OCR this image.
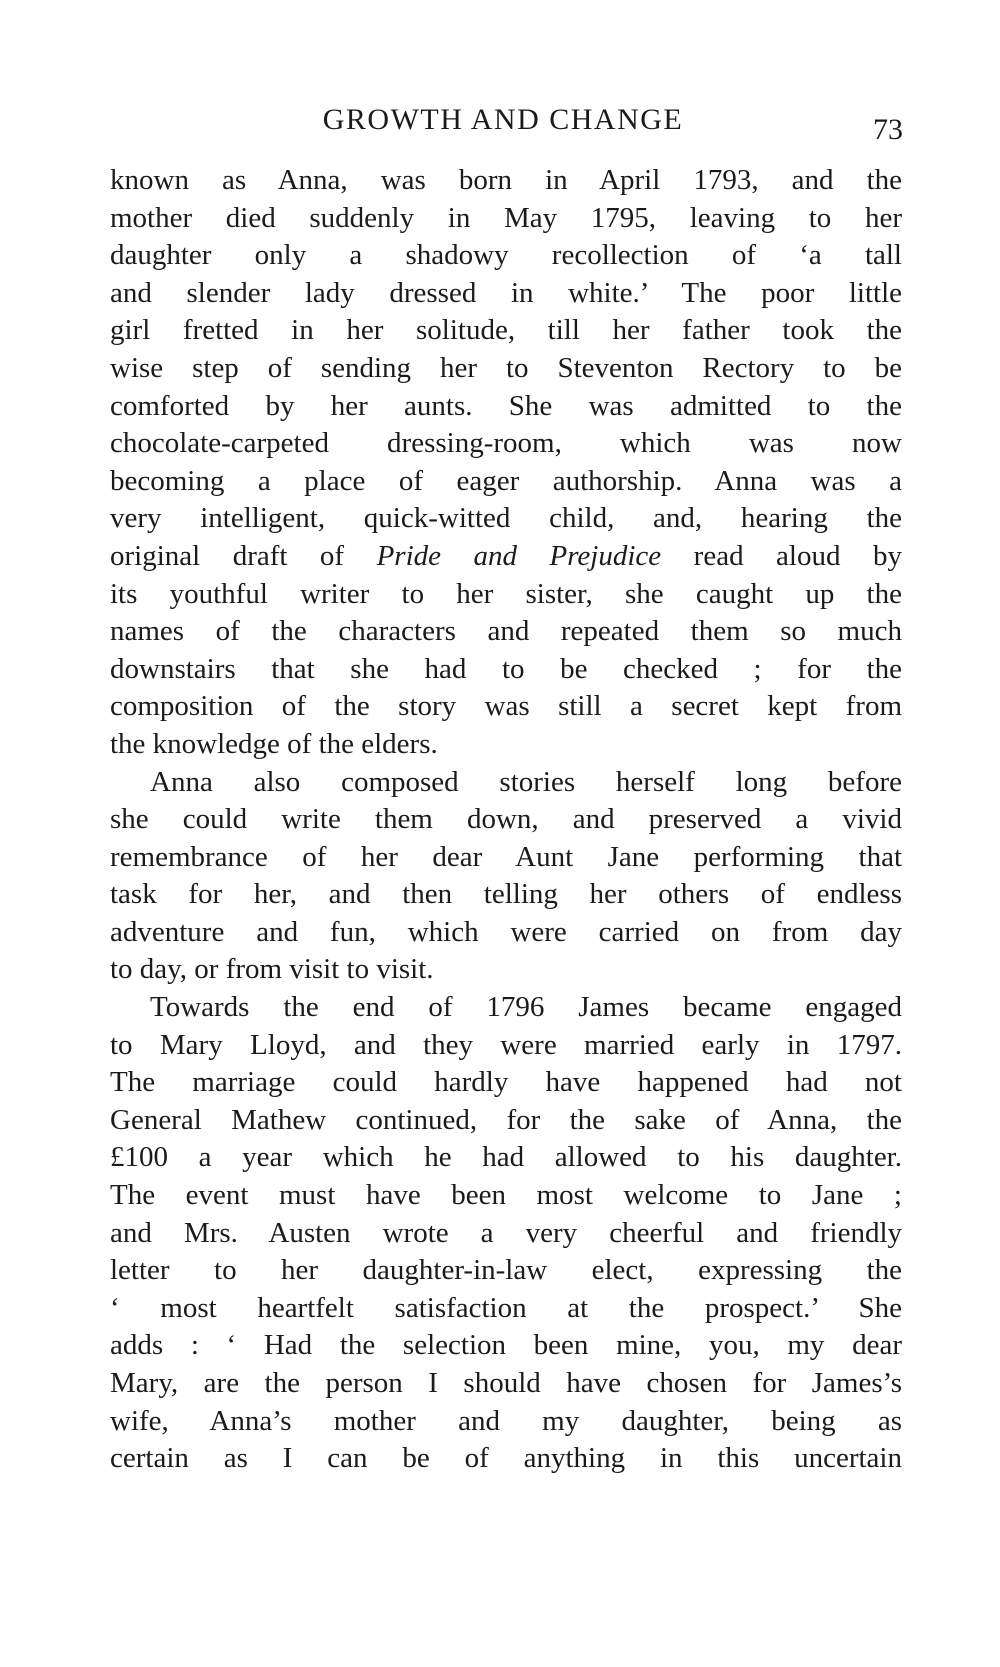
GROWTH AND CHANGE	73
known as Anna, was born in April 1793, and the
mother died suddenly in May 1795, leaving to her
daughter only a shadowy recollection of ‘a tall
and slender lady dressed in white.’ The poor little
girl fretted in her solitude, till her father took the
wise step of sending her to Steventon Rectory to be
comforted by her aunts. She was admitted to the
chocolate-carpeted dressing-room, which was now
becoming a place of eager authorship. Anna was a
very intelligent, quick-witted child, and, hearing the
original draft of Pride and Prejudice read aloud by
its youthful writer to her sister, she caught up the
names of the characters and repeated them so much
downstairs that she had to be checked ; for the
composition of the story was still a secret kept from
the knowledge of the elders.
Anna also composed stories herself long before
she could write them down, and preserved a vivid
remembrance of her dear Aunt Jane performing that
task for her, and then telling her others of endless
adventure and fun, which were carried on from day
to day, or from visit to visit.
Towards the end of 1796 James became engaged
to Mary Lloyd, and they were married early in 1797.
The marriage could hardly have happened had not
General Mathew continued, for the sake of Anna, the
£100 a year which he had allowed to his daughter.
The event must have been most welcome to Jane ;
and Mrs. Austen wrote a very cheerful and friendly
letter to her daughter-in-law elect, expressing the
‘ most heartfelt satisfaction at the prospect.’ She
adds : ‘ Had the selection been mine, you, my dear
Mary, are the person I should have chosen for James’s
wife, Anna’s mother and my daughter, being as
certain as I can be of anything in this uncertain
